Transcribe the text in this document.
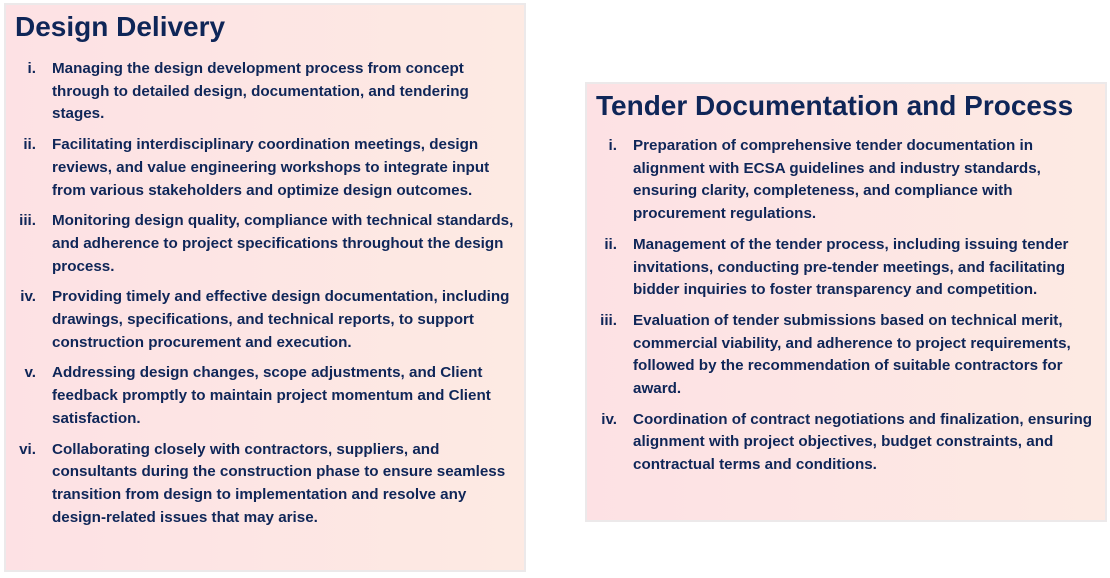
Design Delivery
i. Managing the design development process from concept through to detailed design, documentation, and tendering stages.
ii. Facilitating interdisciplinary coordination meetings, design reviews, and value engineering workshops to integrate input from various stakeholders and optimize design outcomes.
iii. Monitoring design quality, compliance with technical standards, and adherence to project specifications throughout the design process.
iv. Providing timely and effective design documentation, including drawings, specifications, and technical reports, to support construction procurement and execution.
v. Addressing design changes, scope adjustments, and Client feedback promptly to maintain project momentum and Client satisfaction.
vi. Collaborating closely with contractors, suppliers, and consultants during the construction phase to ensure seamless transition from design to implementation and resolve any design-related issues that may arise.
Tender Documentation and Process
i. Preparation of comprehensive tender documentation in alignment with ECSA guidelines and industry standards, ensuring clarity, completeness, and compliance with procurement regulations.
ii. Management of the tender process, including issuing tender invitations, conducting pre-tender meetings, and facilitating bidder inquiries to foster transparency and competition.
iii. Evaluation of tender submissions based on technical merit, commercial viability, and adherence to project requirements, followed by the recommendation of suitable contractors for award.
iv. Coordination of contract negotiations and finalization, ensuring alignment with project objectives, budget constraints, and contractual terms and conditions.
